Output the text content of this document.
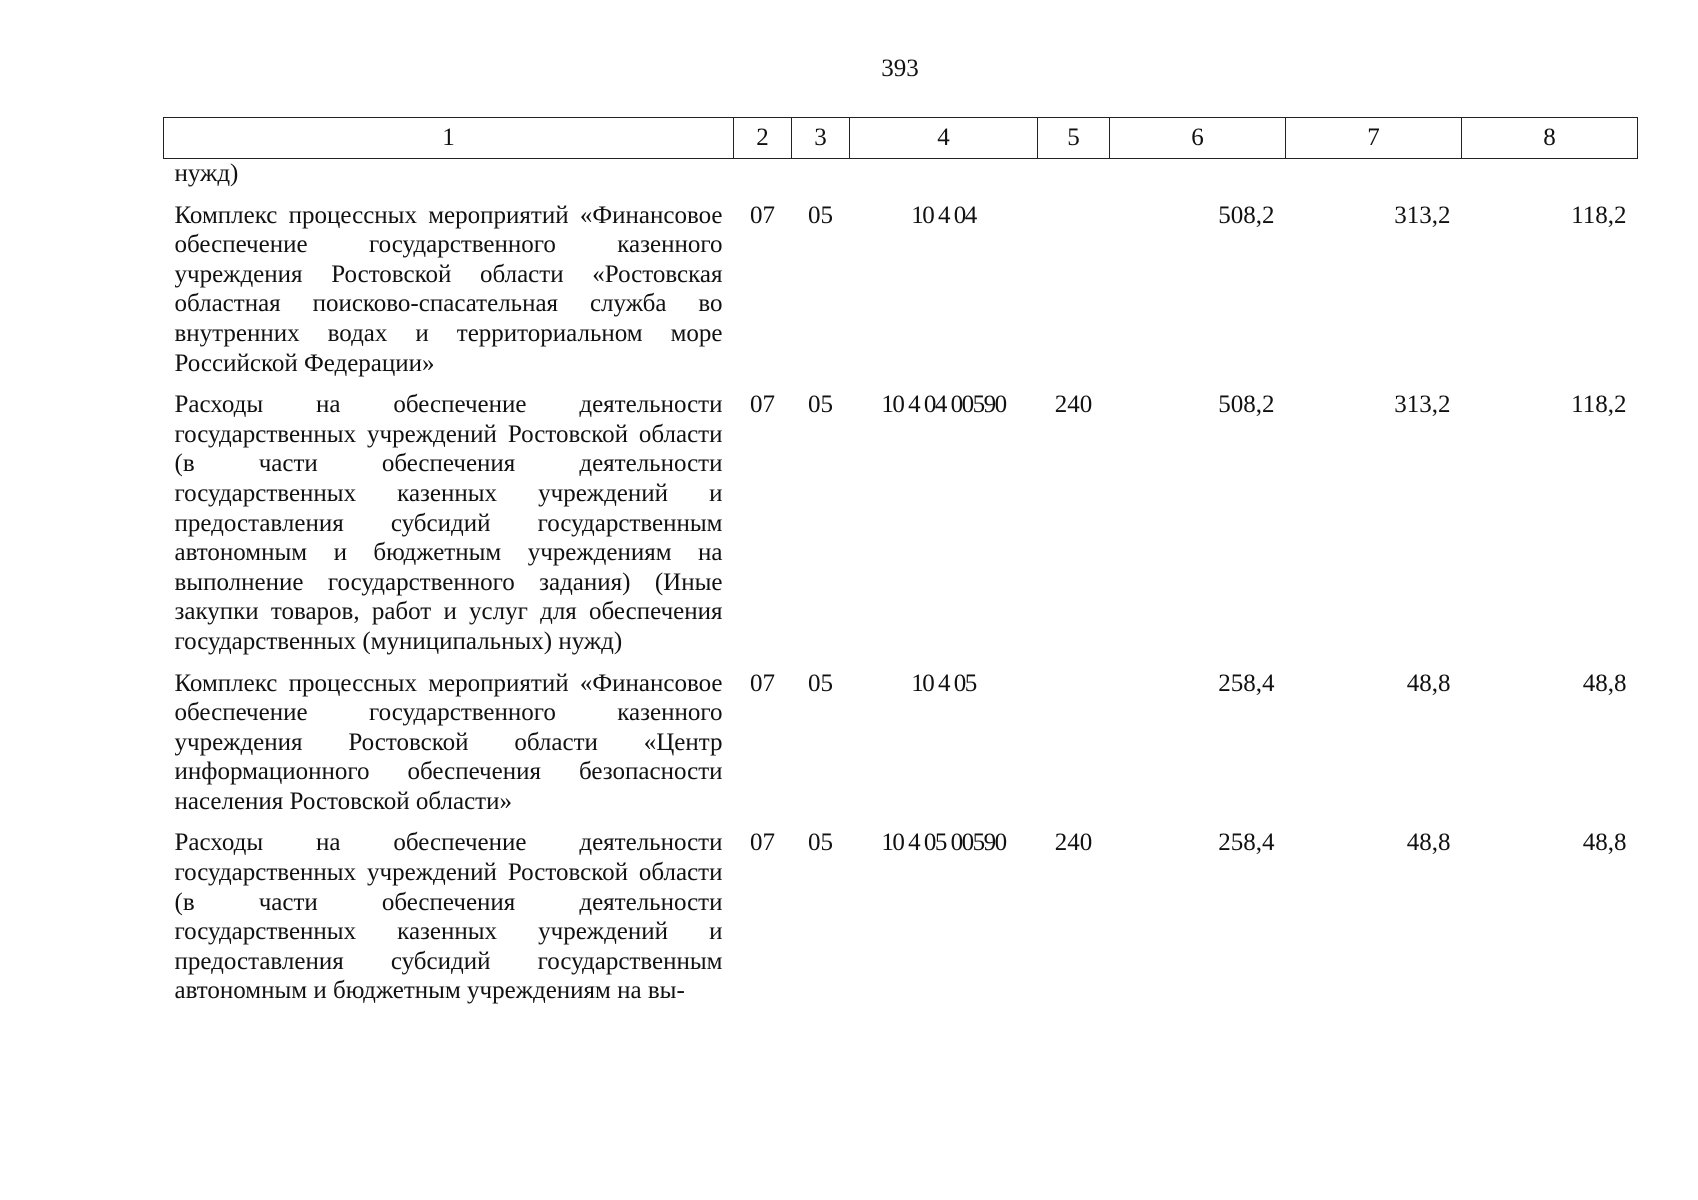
393
1	2	3	4	5	6	7	8

нужд)							

Комплекс процессных мероприятий «Финансовое обеспечение государственного казенного учреждения Ростовской области «Ростовская областная поисково-спасательная служба во внутренних водах и территориальном море Российской Федерации»	07	05	10 4 04		508,2	313,2	118,2

Расходы на обеспечение деятельности государственных учреждений Ростовской области (в части обеспечения деятельности государственных казенных учреждений и предоставления субсидий государственным автономным и бюджетным учреждениям на выполнение государственного задания) (Иные закупки товаров, работ и услуг для обеспечения государственных (муниципальных) нужд)	07	05	10 4 04 00590	240	508,2	313,2	118,2

Комплекс процессных мероприятий «Финансовое обеспечение государственного казенного учреждения Ростовской области «Центр информационного обеспечения безопасности населения Ростовской области»	07	05	10 4 05		258,4	48,8	48,8

Расходы на обеспечение деятельности государственных учреждений Ростовской области (в части обеспечения деятельности государственных казенных учреждений и предоставления субсидий государственным автономным и бюджетным учреждениям на вы-	07	05	10 4 05 00590	240	258,4	48,8	48,8
